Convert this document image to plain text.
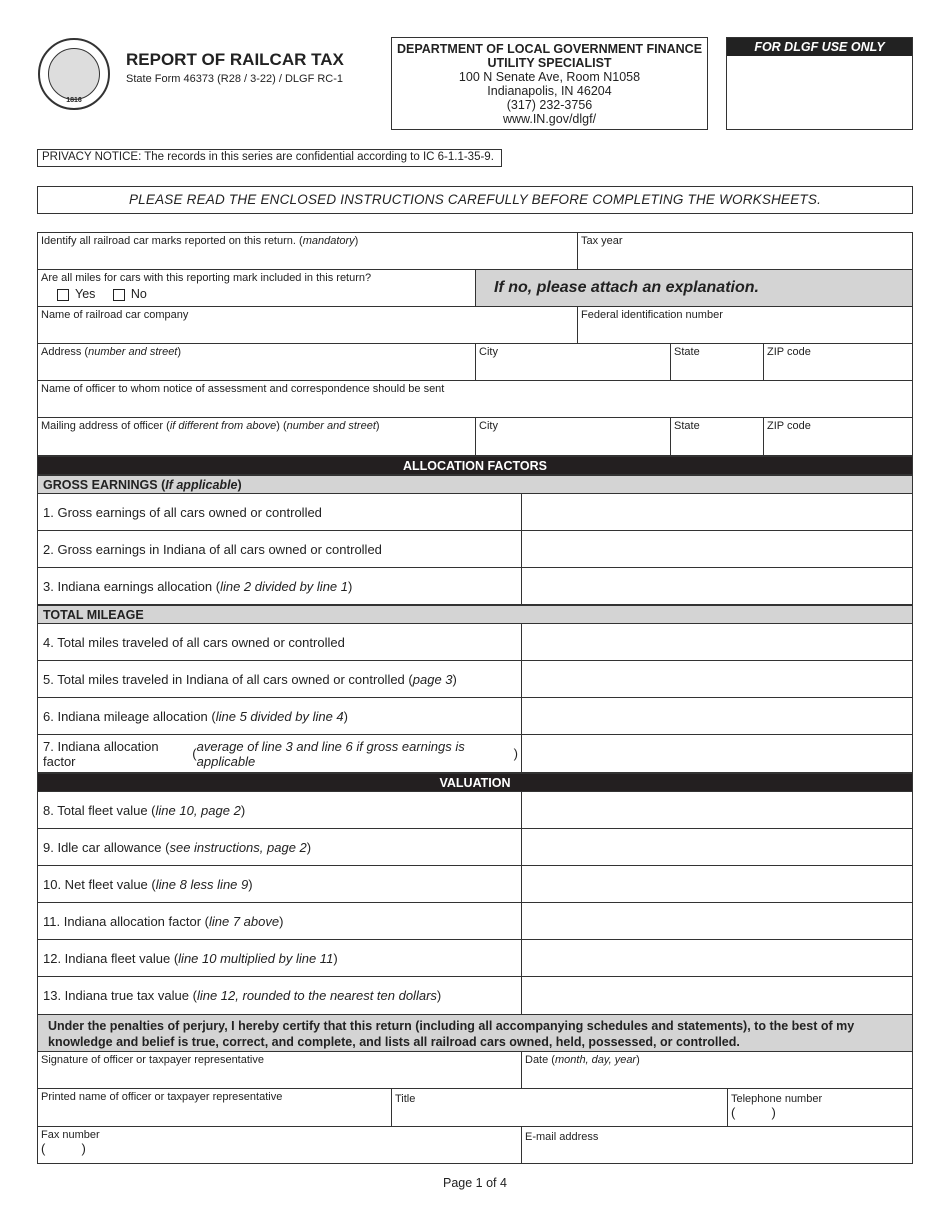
1816
REPORT OF RAILCAR TAX
State Form 46373 (R28 / 3-22) / DLGF RC-1
DEPARTMENT OF LOCAL GOVERNMENT FINANCE
UTILITY SPECIALIST
100 N Senate Ave, Room N1058
Indianapolis, IN 46204
(317) 232-3756
www.IN.gov/dlgf/
FOR DLGF USE ONLY
PRIVACY NOTICE: The records in this series are confidential according to IC 6-1.1-35-9.
PLEASE READ THE ENCLOSED INSTRUCTIONS CAREFULLY BEFORE COMPLETING THE WORKSHEETS.
Identify all railroad car marks reported on this return. (mandatory)	Tax year
Are all miles for cars with this reporting mark included in this return?
Yes	No	If no, please attach an explanation.
Name of railroad car company	Federal identification number
Address (number and street)	City	State	ZIP code
Name of officer to whom notice of assessment and correspondence should be sent
Mailing address of officer (if different from above) (number and street)	City	State	ZIP code
ALLOCATION FACTORS
GROSS EARNINGS (If applicable)
1. Gross earnings of all cars owned or controlled
2. Gross earnings in Indiana of all cars owned or controlled
3. Indiana earnings allocation ( line 2 divided by line 1 )
TOTAL MILEAGE
4. Total miles traveled of all cars owned or controlled
5. Total miles traveled in Indiana of all cars owned or controlled ( page 3 )
6. Indiana mileage allocation ( line 5 divided by line 4 )
7. Indiana allocation factor	( average of line 3 and line 6 if gross earnings is applicable	)
VALUATION
8. Total fleet value ( line 10, page 2 )
9. Idle car allowance ( see instructions, page 2 )
10. Net fleet value ( line 8 less line 9 )
11. Indiana allocation factor ( line 7 above )
12. Indiana fleet value ( line 10 multiplied by line 11 )
13. Indiana true tax value ( line 12, rounded to the nearest ten dollars )
Under the penalties of perjury, I hereby certify that this return (including all accompanying schedules and statements), to the best of my knowledge and belief is true, correct, and complete, and lists all railroad cars owned, held, possessed, or controlled.
Signature of officer or taxpayer representative	Date (month, day, year)
Printed name of officer or taxpayer representative	Title	Telephone number
(          )
Fax number
(          )
E-mail address
Page 1 of 4
